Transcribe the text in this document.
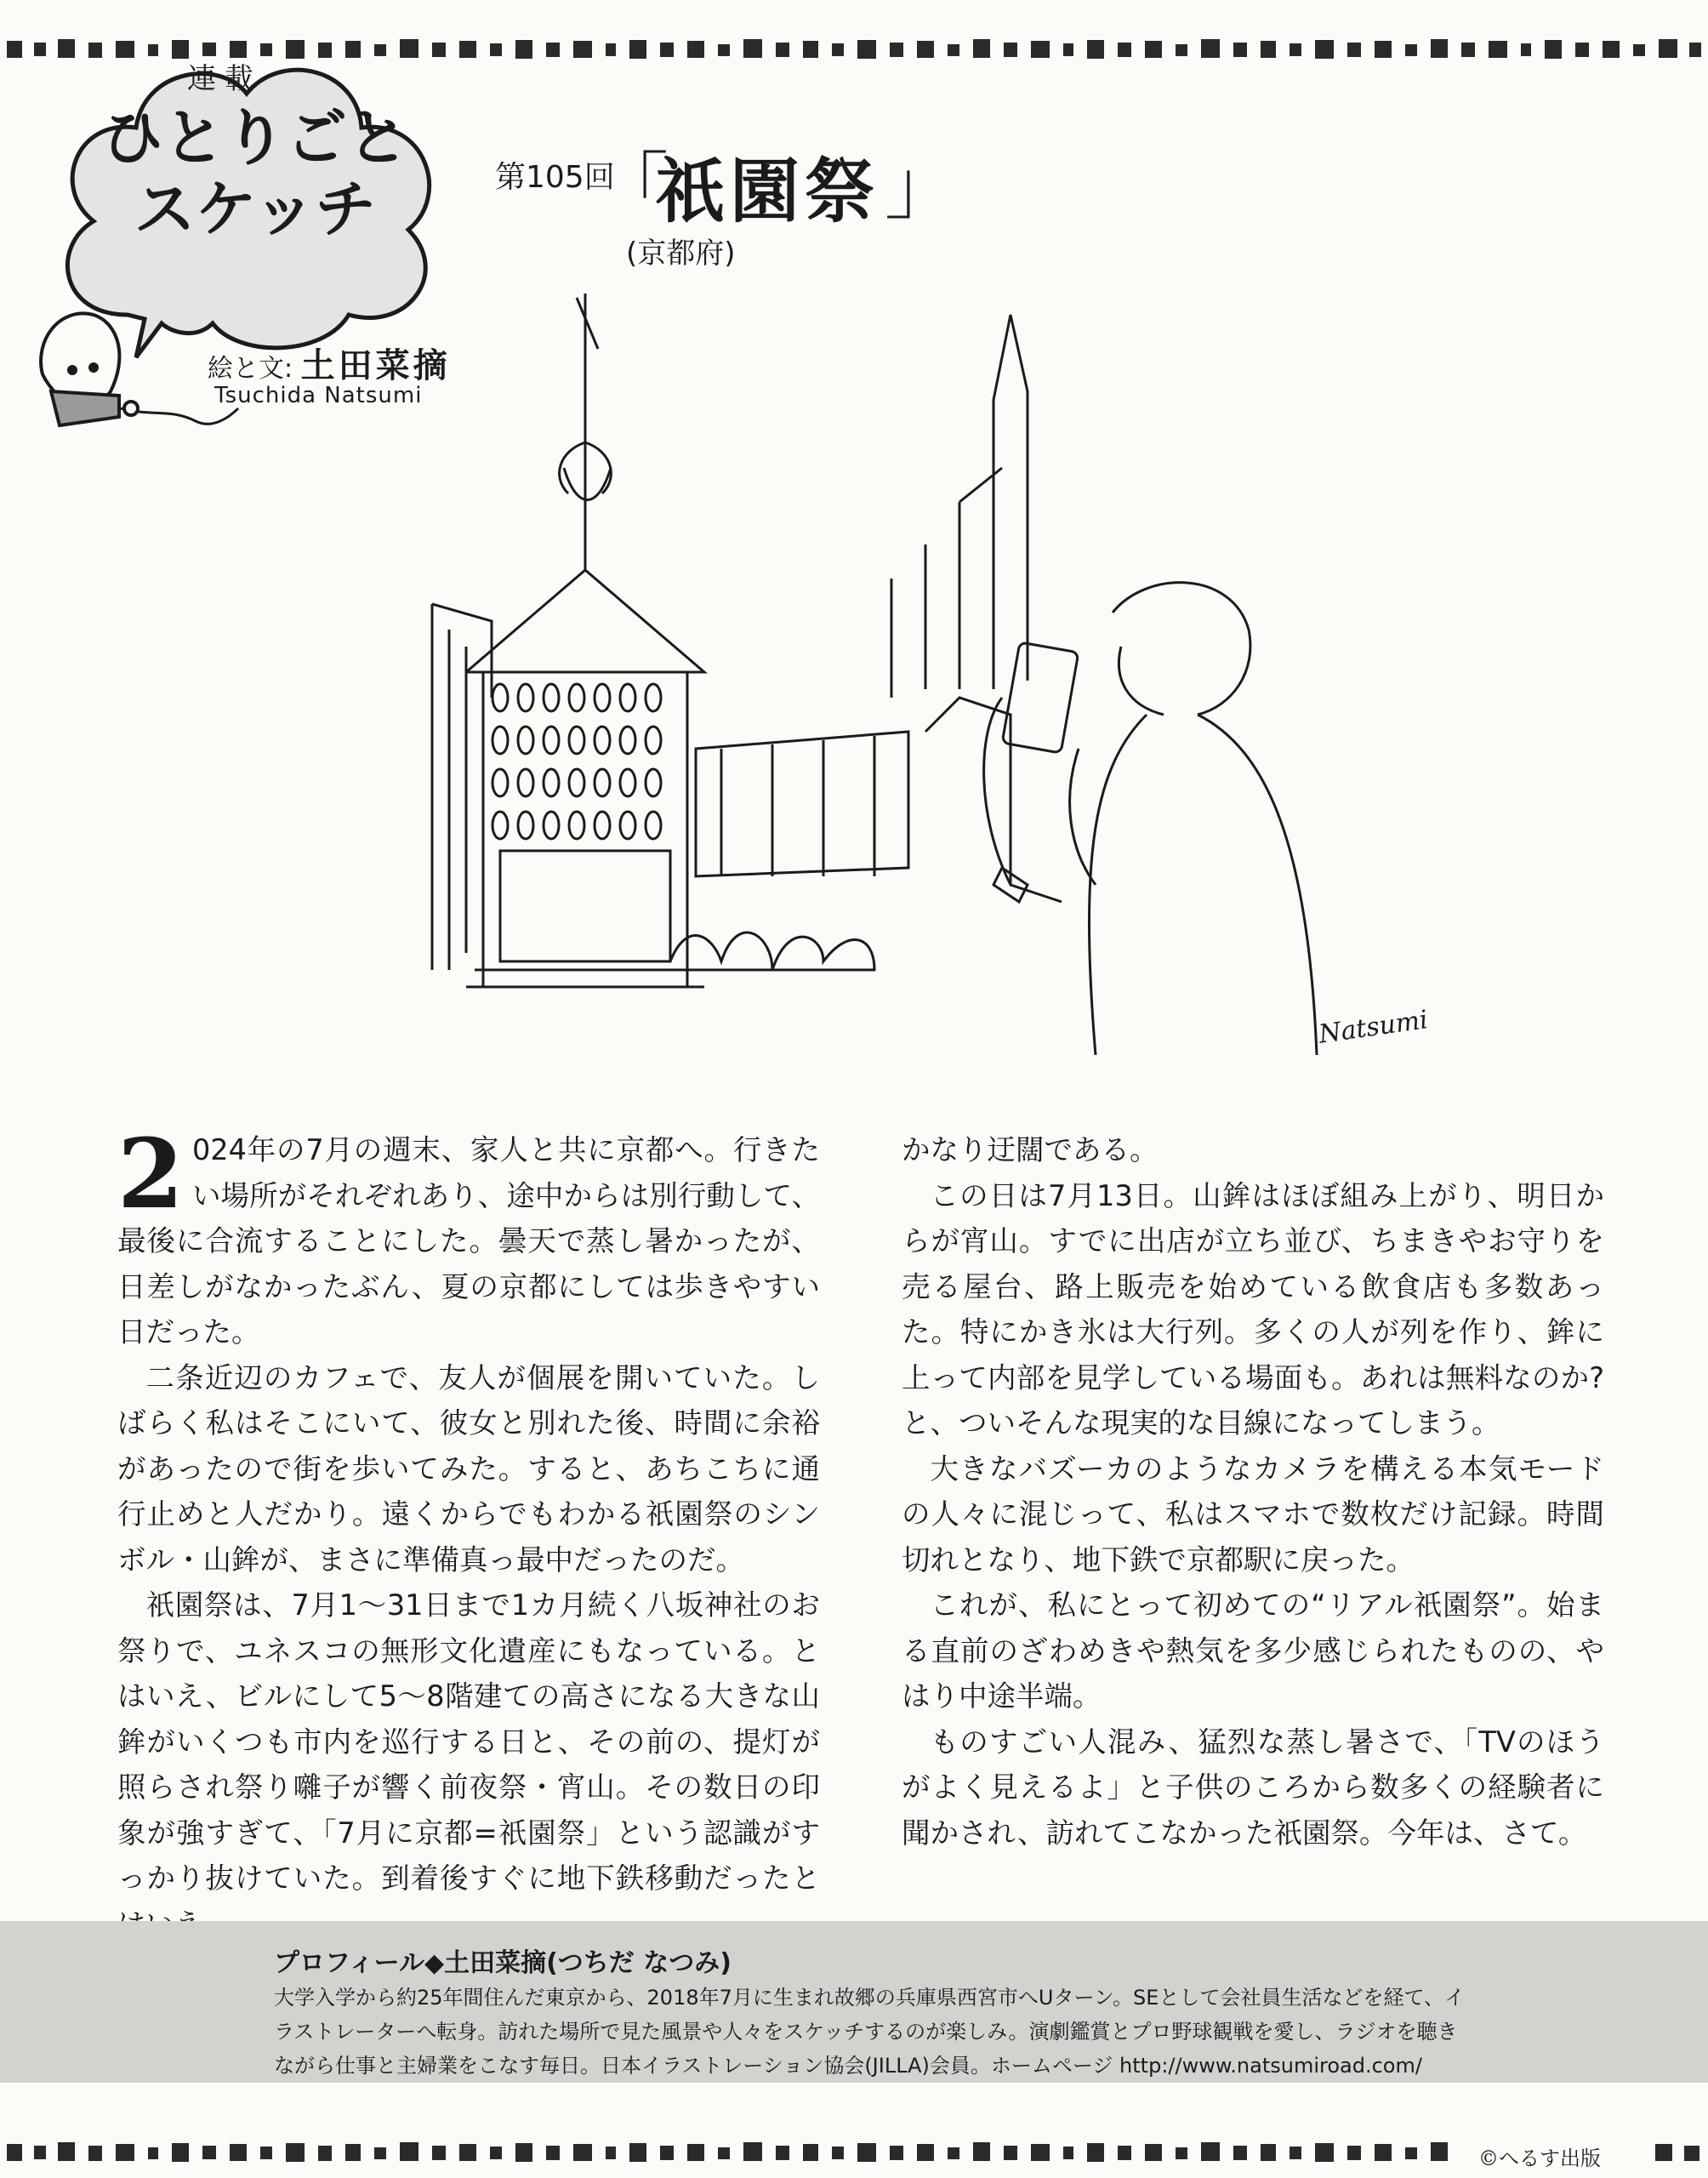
連載
ひとりごと
スケッチ
絵と文: 土田菜摘
Tsuchida Natsumi
第105回
「
祇園祭 」
(京都府)
Natsumi
2 024年の7月の週末、家人と共に京都へ。行きたい場所がそれぞれあり、途中からは別行動して、最後に合流することにした。曇天で蒸し暑かったが、日差しがなかったぶん、夏の京都にしては歩きやすい日だった。

二条近辺のカフェで、友人が個展を開いていた。しばらく私はそこにいて、彼女と別れた後、時間に余裕があったので街を歩いてみた。すると、あちこちに通行止めと人だかり。遠くからでもわかる祇園祭のシンボル・山鉾が、まさに準備真っ最中だったのだ。

祇園祭は、7月1〜31日まで1カ月続く八坂神社のお祭りで、ユネスコの無形文化遺産にもなっている。とはいえ、ビルにして5〜8階建ての高さになる大きな山鉾がいくつも市内を巡行する日と、その前の、提灯が照らされ祭り囃子が響く前夜祭・宵山。その数日の印象が強すぎて、「7月に京都=祇園祭」という認識がすっかり抜けていた。到着後すぐに地下鉄移動だったと

かなり迂闊である。

この日は7月13日。山鉾はほぼ組み上がり、明日からが宵山。すでに出店が立ち並び、ちまきやお守りを売る屋台、路上販売を始めている飲食店も多数あった。特にかき氷は大行列。多くの人が列を作り、鉾に上って内部を見学している場面も。あれは無料なのか? と、ついそんな現実的な目線になってしまう。

大きなバズーカのようなカメラを構える本気モードの人々に混じって、私はスマホで数枚だけ記録。時間切れとなり、地下鉄で京都駅に戻った。

これが、私にとって初めての“リアル祇園祭”。始まる直前のざわめきや熱気を多少感じられたものの、やはり中途半端。

ものすごい人混み、猛烈な蒸し暑さで、「TVのほうがよく見えるよ」と子供のころから数多くの経験者に聞かされ、訪れてこなかった祇園祭。今年は、さて。

プロフィール◆土田菜摘(つちだ なつみ)
大学入学から約25年間住んだ東京から、2018年7月に生まれ故郷の兵庫県西宮市へUターン。SEとして会社員生活などを経て、イラストレーターへ転身。訪れた場所で見た風景や人々をスケッチするのが楽しみ。演劇鑑賞とプロ野球観戦を愛し、ラジオを聴きながら仕事と主婦業をこなす毎日。日本イラストレーション協会(JILLA)会員。ホームページ http://www.natsumiroad.com/
©へるす出版
